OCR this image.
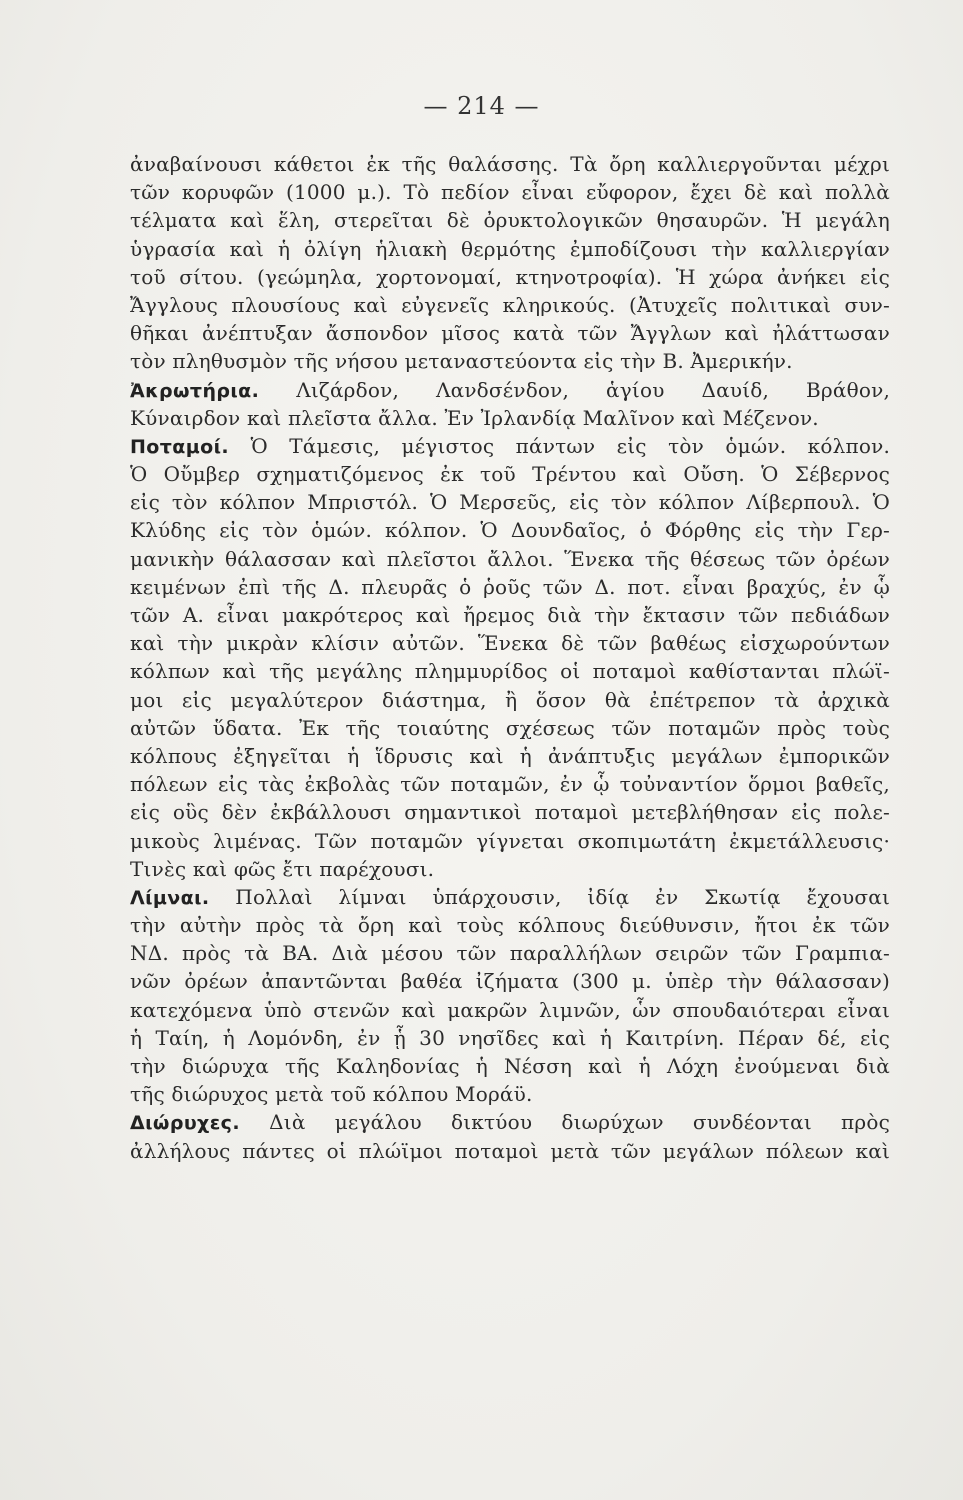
— 214 —
ἀναβαίνουσι κάθετοι ἐκ τῆς θαλάσσης. Τὰ ὄρη καλλιεργοῦνται μέχρι
τῶν κορυφῶν (1000 μ.). Τὸ πεδίον εἶναι εὔφορον, ἔχει δὲ καὶ πολλὰ
τέλματα καὶ ἕλη, στερεῖται δὲ ὀρυκτολογικῶν θησαυρῶν. Ἡ μεγάλη
ὑγρασία καὶ ἡ ὀλίγη ἡλιακὴ θερμότης ἐμποδίζουσι τὴν καλλιεργίαν
τοῦ σίτου. (γεώμηλα, χορτονομαί, κτηνοτροφία). Ἡ χώρα ἀνήκει εἰς
Ἄγγλους πλουσίους καὶ εὐγενεῖς κληρικούς. (Ἀτυχεῖς πολιτικαὶ συν-
θῆκαι ἀνέπτυξαν ἄσπονδον μῖσος κατὰ τῶν Ἄγγλων καὶ ἠλάττωσαν
τὸν πληθυσμὸν τῆς νήσου μεταναστεύοντα εἰς τὴν Β. Ἀμερικήν.
Ἀκρωτήρια. Λιζάρδον, Λανδσένδον, ἁγίου Δαυίδ, Βράθον,
Κύναιρδον καὶ πλεῖστα ἄλλα. Ἐν Ἰρλανδίᾳ Μαλῖνον καὶ Μέζενον.
Ποταμοί. Ὁ Τάμεσις, μέγιστος πάντων εἰς τὸν ὁμών. κόλπον.
Ὁ Οὔμβερ σχηματιζόμενος ἐκ τοῦ Τρέντου καὶ Οὔση. Ὁ Σέβερνος
εἰς τὸν κόλπον Μπριστόλ. Ὁ Μερσεῦς, εἰς τὸν κόλπον Λίβερπουλ. Ὁ
Κλύδης εἰς τὸν ὁμών. κόλπον. Ὁ Δουνδαῖος, ὁ Φόρθης εἰς τὴν Γερ-
μανικὴν θάλασσαν καὶ πλεῖστοι ἄλλοι. Ἕνεκα τῆς θέσεως τῶν ὀρέων
κειμένων ἐπὶ τῆς Δ. πλευρᾶς ὁ ῥοῦς τῶν Δ. ποτ. εἶναι βραχύς, ἐν ᾧ
τῶν Α. εἶναι μακρότερος καὶ ἤρεμος διὰ τὴν ἔκτασιν τῶν πεδιάδων
καὶ τὴν μικρὰν κλίσιν αὐτῶν. Ἕνεκα δὲ τῶν βαθέως εἰσχωρούντων
κόλπων καὶ τῆς μεγάλης πλημμυρίδος οἱ ποταμοὶ καθίστανται πλώϊ-
μοι εἰς μεγαλύτερον διάστημα, ἢ ὅσον θὰ ἐπέτρεπον τὰ ἀρχικὰ
αὐτῶν ὕδατα. Ἐκ τῆς τοιαύτης σχέσεως τῶν ποταμῶν πρὸς τοὺς
κόλπους ἐξηγεῖται ἡ ἵδρυσις καὶ ἡ ἀνάπτυξις μεγάλων ἐμπορικῶν
πόλεων εἰς τὰς ἐκβολὰς τῶν ποταμῶν, ἐν ᾧ τοὐναντίον ὅρμοι βαθεῖς,
εἰς οὓς δὲν ἐκβάλλουσι σημαντικοὶ ποταμοὶ μετεβλήθησαν εἰς πολε-
μικοὺς λιμένας. Τῶν ποταμῶν γίγνεται σκοπιμωτάτη ἐκμετάλλευσις·
Τινὲς καὶ φῶς ἔτι παρέχουσι.
Λίμναι. Πολλαὶ λίμναι ὑπάρχουσιν, ἰδίᾳ ἐν Σκωτίᾳ ἔχουσαι
τὴν αὐτὴν πρὸς τὰ ὄρη καὶ τοὺς κόλπους διεύθυνσιν, ἤτοι ἐκ τῶν
ΝΔ. πρὸς τὰ ΒΑ. Διὰ μέσου τῶν παραλλήλων σειρῶν τῶν Γραμπια-
νῶν ὀρέων ἀπαντῶνται βαθέα ἰζήματα (300 μ. ὑπὲρ τὴν θάλασσαν)
κατεχόμενα ὑπὸ στενῶν καὶ μακρῶν λιμνῶν, ὧν σπουδαιότεραι εἶναι
ἡ Ταίη, ἡ Λομόνδη, ἐν ᾗ 30 νησῖδες καὶ ἡ Καιτρίνη. Πέραν δέ, εἰς
τὴν διώρυχα τῆς Καληδονίας ἡ Νέσση καὶ ἡ Λόχη ἐνούμεναι διὰ
τῆς διώρυχος μετὰ τοῦ κόλπου Μοράϋ.
Διώρυχες. Διὰ μεγάλου δικτύου διωρύχων συνδέονται πρὸς
ἀλλήλους πάντες οἱ πλώϊμοι ποταμοὶ μετὰ τῶν μεγάλων πόλεων καὶ
